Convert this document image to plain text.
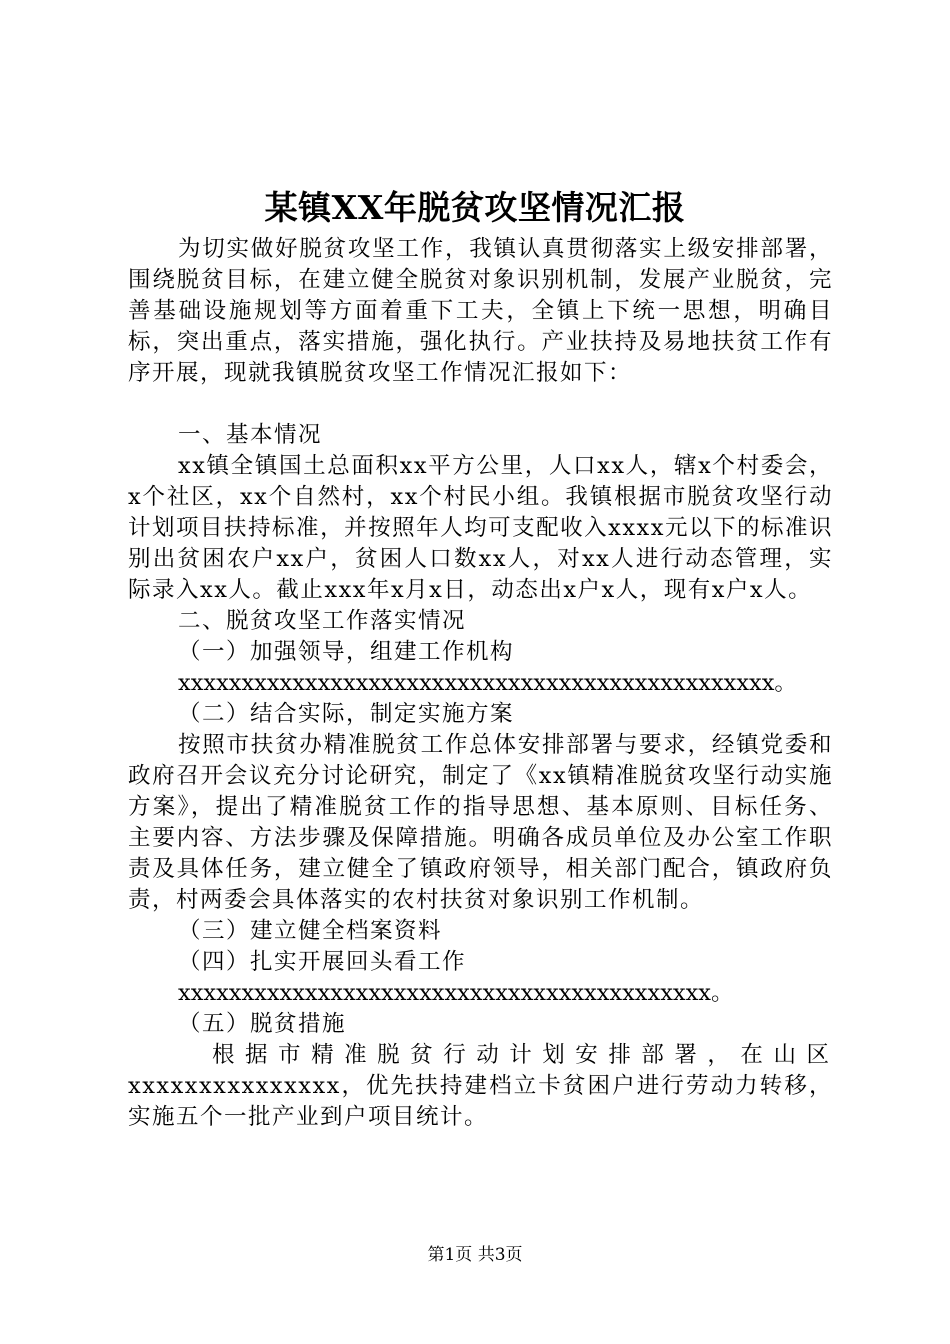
某镇XX年脱贫攻坚情况汇报

为切实做好脱贫攻坚工作，我镇认真贯彻落实上级安排部署，围绕脱贫目标，在建立健全脱贫对象识别机制，发展产业脱贫，完善基础设施规划等方面着重下工夫，全镇上下统一思想，明确目标，突出重点，落实措施，强化执行。产业扶持及易地扶贫工作有序开展，现就我镇脱贫攻坚工作情况汇报如下：

一、基本情况

xx镇全镇国土总面积xx平方公里，人口xx人，辖x个村委会，x个社区，xx个自然村，xx个村民小组。我镇根据市脱贫攻坚行动计划项目扶持标准，并按照年人均可支配收入xxxx元以下的标准识别出贫困农户xx户，贫困人口数xx人，对xx人进行动态管理，实际录入xx人。截止xxx年x月x日，动态出x户x人，现有x户x人。

二、脱贫攻坚工作落实情况

（一）加强领导，组建工作机构

xxxxxxxxxxxxxxxxxxxxxxxxxxxxxxxxxxxxxxxxxxxxxxx。

（二）结合实际，制定实施方案

按照市扶贫办精准脱贫工作总体安排部署与要求，经镇党委和政府召开会议充分讨论研究，制定了《xx镇精准脱贫攻坚行动实施方案》，提出了精准脱贫工作的指导思想、基本原则、目标任务、主要内容、方法步骤及保障措施。明确各成员单位及办公室工作职责及具体任务，建立健全了镇政府领导，相关部门配合，镇政府负责，村两委会具体落实的农村扶贫对象识别工作机制。

（三）建立健全档案资料

（四）扎实开展回头看工作

xxxxxxxxxxxxxxxxxxxxxxxxxxxxxxxxxxxxxxxxxx。

（五）脱贫措施

根据市精准脱贫行动计划安排部署，在山区

xxxxxxxxxxxxxxx，优先扶持建档立卡贫困户进行劳动力转移，实施五个一批产业到户项目统计。

第1页 共3页
